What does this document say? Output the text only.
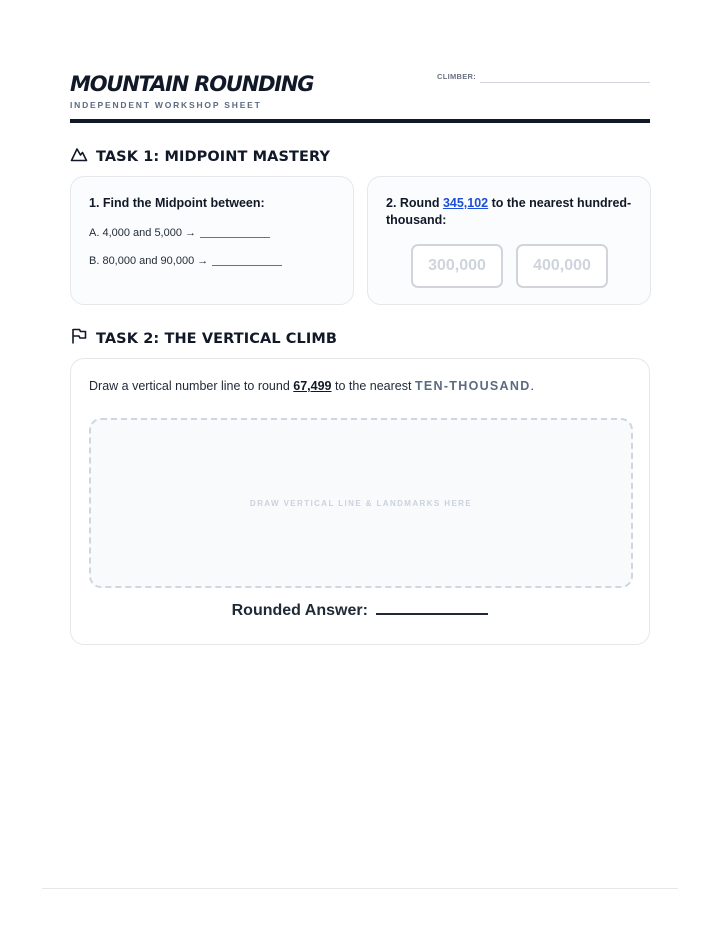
MOUNTAIN ROUNDING
INDEPENDENT WORKSHOP SHEET
CLIMBER:
TASK 1: MIDPOINT MASTERY
1. Find the Midpoint between:
A. 4,000 and 5,000 →
B. 80,000 and 90,000 →
2. Round 345,102 to the nearest hundred-thousand:
300,000	400,000
TASK 2: THE VERTICAL CLIMB
Draw a vertical number line to round 67,499 to the nearest TEN-THOUSAND.
DRAW VERTICAL LINE & LANDMARKS HERE
Rounded Answer:
